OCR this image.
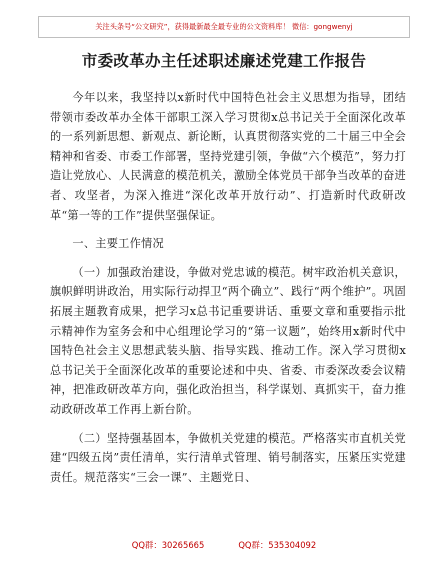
关注头条号“公文研究”，获得最新最全最专业的公文资料库！ 微信：gongwenyj
市委改革办主任述职述廉述党建工作报告

今年以来，我坚持以x新时代中国特色社会主义思想为指导，团结带领市委改革办全体干部职工深入学习贯彻x总书记关于全面深化改革的一系列新思想、新观点、新论断，认真贯彻落实党的二十届三中全会精神和省委、市委工作部署，坚持党建引领，争做“六个模范”，努力打造让党放心、人民满意的模范机关，激励全体党员干部争当改革的奋进者、攻坚者，为深入推进“深化改革开放行动”、打造新时代政研改革“第一等的工作”提供坚强保证。

一、主要工作情况

（一）加强政治建设，争做对党忠诚的模范。树牢政治机关意识，旗帜鲜明讲政治，用实际行动捍卫“两个确立”、践行“两个维护”。巩固拓展主题教育成果，把学习x总书记重要讲话、重要文章和重要指示批示精神作为室务会和中心组理论学习的“第一议题”，始终用x新时代中国特色社会主义思想武装头脑、指导实践、推动工作。深入学习贯彻x总书记关于全面深化改革的重要论述和中央、省委、市委深改委会议精神，把准政研改革方向，强化政治担当，科学谋划、真抓实干，奋力推动政研改革工作再上新台阶。

（二）坚持强基固本，争做机关党建的模范。严格落实市直机关党建“四级五岗”责任清单，实行清单式管理、销号制落实，压紧压实党建责任。规范落实“三会一课”、主题党日、

QQ群：30265665	QQ群：535304092
